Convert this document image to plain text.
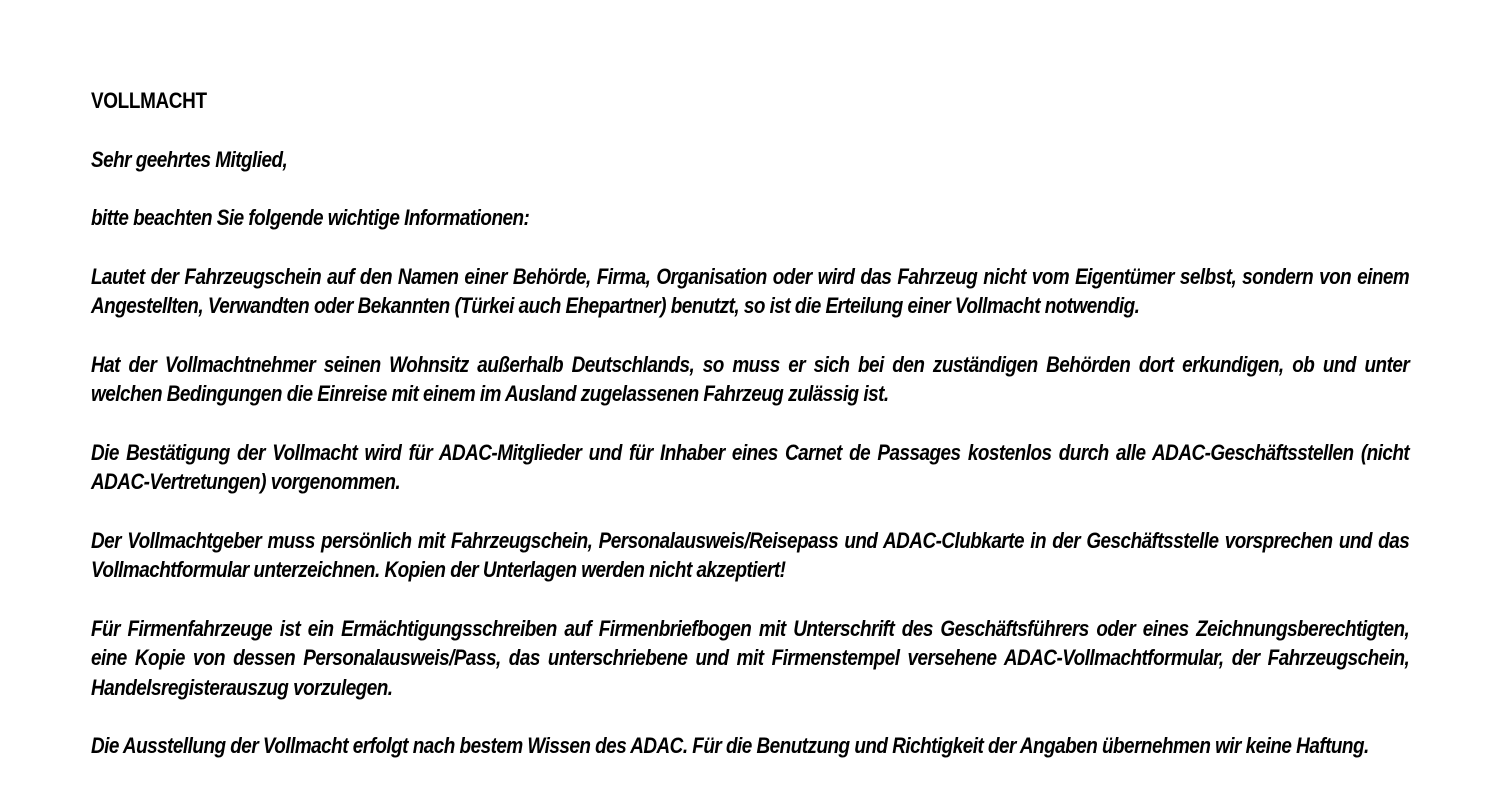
VOLLMACHT

Sehr geehrtes Mitglied,

bitte beachten Sie folgende wichtige Informationen:

Lautet der Fahrzeugschein auf den Namen einer Behörde, Firma, Organisation oder wird das Fahrzeug nicht vom Eigentümer selbst, sondern von einem Angestellten, Verwandten oder Bekannten (Türkei auch Ehepartner) benutzt, so ist die Erteilung einer Vollmacht notwendig.

Hat der Vollmachtnehmer seinen Wohnsitz außerhalb Deutschlands, so muss er sich bei den zuständigen Behörden dort erkundigen, ob und unter welchen Bedingungen die Einreise mit einem im Ausland zugelassenen Fahrzeug zulässig ist.

Die Bestätigung der Vollmacht wird für ADAC-Mitglieder und für Inhaber eines Carnet de Passages kostenlos durch alle ADAC-Geschäftsstellen (nicht ADAC-Vertretungen) vorgenommen.

Der Vollmachtgeber muss persönlich mit Fahrzeugschein, Personalausweis/Reisepass und ADAC-Clubkarte in der Geschäftsstelle vorsprechen und das Vollmachtformular unterzeichnen. Kopien der Unterlagen werden nicht akzeptiert!

Für Firmenfahrzeuge ist ein Ermächtigungsschreiben auf Firmenbriefbogen mit Unterschrift des Geschäftsführers oder eines Zeichnungsberechtigten, eine Kopie von dessen Personalausweis/Pass, das unterschriebene und mit Firmenstempel versehene ADAC-Vollmachtformular, der Fahrzeugschein, Handelsregisterauszug vorzulegen.

Die Ausstellung der Vollmacht erfolgt nach bestem Wissen des ADAC. Für die Benutzung und Richtigkeit der Angaben übernehmen wir keine Haftung.
